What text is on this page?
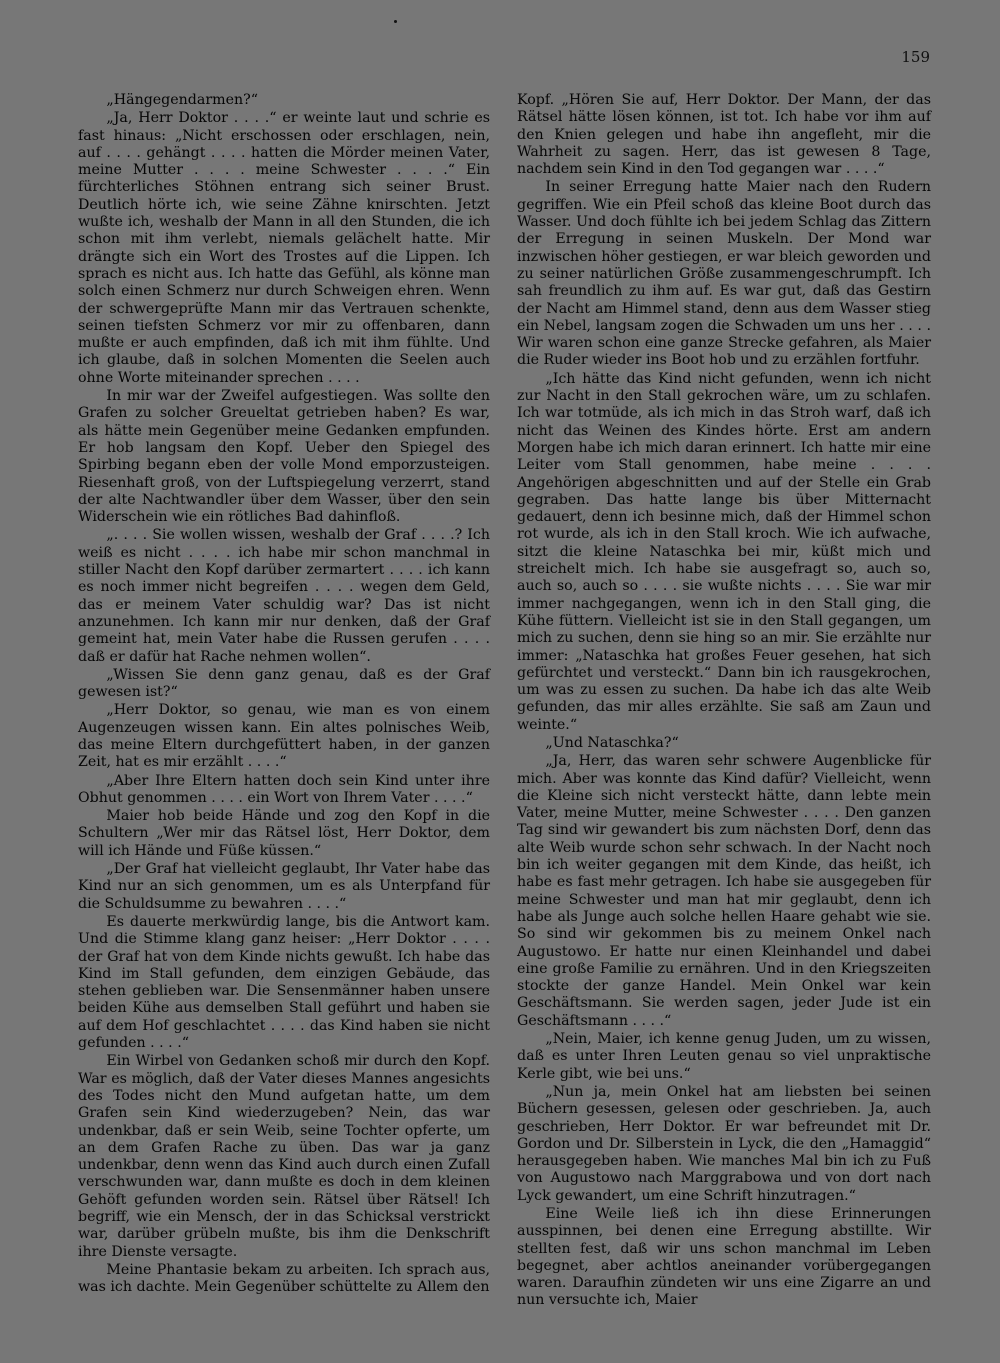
159

„Hängegendarmen?“

„Ja, Herr Doktor . . . .“ er weinte laut und schrie es fast hinaus: „Nicht erschossen oder erschlagen, nein, auf . . . . gehängt . . . . hatten die Mörder meinen Vater, meine Mutter . . . . meine Schwester . . . .“ Ein fürchterliches Stöhnen entrang sich seiner Brust. Deutlich hörte ich, wie seine Zähne knirschten. Jetzt wußte ich, weshalb der Mann in all den Stunden, die ich schon mit ihm verlebt, niemals gelächelt hatte. Mir drängte sich ein Wort des Trostes auf die Lippen. Ich sprach es nicht aus. Ich hatte das Gefühl, als könne man solch einen Schmerz nur durch Schweigen ehren. Wenn der schwergeprüfte Mann mir das Vertrauen schenkte, seinen tiefsten Schmerz vor mir zu offenbaren, dann mußte er auch empfinden, daß ich mit ihm fühlte. Und ich glaube, daß in solchen Momenten die Seelen auch ohne Worte miteinander sprechen . . . .

In mir war der Zweifel aufgestiegen. Was sollte den Grafen zu solcher Greueltat getrieben haben? Es war, als hätte mein Gegenüber meine Gedanken empfunden. Er hob langsam den Kopf. Ueber den Spiegel des Spirbing begann eben der volle Mond emporzusteigen. Riesenhaft groß, von der Luftspiegelung verzerrt, stand der alte Nachtwandler über dem Wasser, über den sein Widerschein wie ein rötliches Bad dahinfloß.

„. . . . Sie wollen wissen, weshalb der Graf . . . .? Ich weiß es nicht . . . . ich habe mir schon manchmal in stiller Nacht den Kopf darüber zermartert . . . . ich kann es noch immer nicht begreifen . . . . wegen dem Geld, das er meinem Vater schuldig war? Das ist nicht anzunehmen. Ich kann mir nur denken, daß der Graf gemeint hat, mein Vater habe die Russen gerufen . . . . daß er dafür hat Rache nehmen wollen“.

„Wissen Sie denn ganz genau, daß es der Graf gewesen ist?“

„Herr Doktor, so genau, wie man es von einem Augenzeugen wissen kann. Ein altes polnisches Weib, das meine Eltern durchgefüttert haben, in der ganzen Zeit, hat es mir erzählt . . . .“

„Aber Ihre Eltern hatten doch sein Kind unter ihre Obhut genommen . . . . ein Wort von Ihrem Vater . . . .“

Maier hob beide Hände und zog den Kopf in die Schultern „Wer mir das Rätsel löst, Herr Doktor, dem will ich Hände und Füße küssen.“

„Der Graf hat vielleicht geglaubt, Ihr Vater habe das Kind nur an sich genommen, um es als Unterpfand für die Schuldsumme zu bewahren . . . .“

Es dauerte merkwürdig lange, bis die Antwort kam. Und die Stimme klang ganz heiser: „Herr Doktor . . . . der Graf hat von dem Kinde nichts gewußt. Ich habe das Kind im Stall gefunden, dem einzigen Gebäude, das stehen geblieben war. Die Sensenmänner haben unsere beiden Kühe aus demselben Stall geführt und haben sie auf dem Hof geschlachtet . . . . das Kind haben sie nicht gefunden . . . .“

Ein Wirbel von Gedanken schoß mir durch den Kopf. War es möglich, daß der Vater dieses Mannes angesichts des Todes nicht den Mund aufgetan hatte, um dem Grafen sein Kind wiederzugeben? Nein, das war undenkbar, daß er sein Weib, seine Tochter opferte, um an dem Grafen Rache zu üben. Das war ja ganz undenkbar, denn wenn das Kind auch durch einen Zufall verschwunden war, dann mußte es doch in dem kleinen Gehöft gefunden worden sein. Rätsel über Rätsel! Ich begriff, wie ein Mensch, der in das Schicksal verstrickt war, darüber grübeln mußte, bis ihm die Denkschrift ihre Dienste versagte.

Meine Phantasie bekam zu arbeiten. Ich sprach aus, was ich dachte. Mein Gegenüber schüttelte zu Allem den

Kopf. „Hören Sie auf, Herr Doktor. Der Mann, der das Rätsel hätte lösen können, ist tot. Ich habe vor ihm auf den Knien gelegen und habe ihn angefleht, mir die Wahrheit zu sagen. Herr, das ist gewesen 8 Tage, nachdem sein Kind in den Tod gegangen war . . . .“

In seiner Erregung hatte Maier nach den Rudern gegriffen. Wie ein Pfeil schoß das kleine Boot durch das Wasser. Und doch fühlte ich bei jedem Schlag das Zittern der Erregung in seinen Muskeln. Der Mond war inzwischen höher gestiegen, er war bleich geworden und zu seiner natürlichen Größe zusammengeschrumpft. Ich sah freundlich zu ihm auf. Es war gut, daß das Gestirn der Nacht am Himmel stand, denn aus dem Wasser stieg ein Nebel, langsam zogen die Schwaden um uns her . . . . Wir waren schon eine ganze Strecke gefahren, als Maier die Ruder wieder ins Boot hob und zu erzählen fortfuhr.

„Ich hätte das Kind nicht gefunden, wenn ich nicht zur Nacht in den Stall gekrochen wäre, um zu schlafen. Ich war totmüde, als ich mich in das Stroh warf, daß ich nicht das Weinen des Kindes hörte. Erst am andern Morgen habe ich mich daran erinnert. Ich hatte mir eine Leiter vom Stall genommen, habe meine . . . . Angehörigen abgeschnitten und auf der Stelle ein Grab gegraben. Das hatte lange bis über Mitternacht gedauert, denn ich besinne mich, daß der Himmel schon rot wurde, als ich in den Stall kroch. Wie ich aufwache, sitzt die kleine Nataschka bei mir, küßt mich und streichelt mich. Ich habe sie ausgefragt so, auch so, auch so, auch so . . . . sie wußte nichts . . . . Sie war mir immer nachgegangen, wenn ich in den Stall ging, die Kühe füttern. Vielleicht ist sie in den Stall gegangen, um mich zu suchen, denn sie hing so an mir. Sie erzählte nur immer: „Nataschka hat großes Feuer gesehen, hat sich gefürchtet und versteckt.“ Dann bin ich rausgekrochen, um was zu essen zu suchen. Da habe ich das alte Weib gefunden, das mir alles erzählte. Sie saß am Zaun und weinte.“

„Und Nataschka?“

„Ja, Herr, das waren sehr schwere Augenblicke für mich. Aber was konnte das Kind dafür? Vielleicht, wenn die Kleine sich nicht versteckt hätte, dann lebte mein Vater, meine Mutter, meine Schwester . . . . Den ganzen Tag sind wir gewandert bis zum nächsten Dorf, denn das alte Weib wurde schon sehr schwach. In der Nacht noch bin ich weiter gegangen mit dem Kinde, das heißt, ich habe es fast mehr getragen. Ich habe sie ausgegeben für meine Schwester und man hat mir geglaubt, denn ich habe als Junge auch solche hellen Haare gehabt wie sie. So sind wir gekommen bis zu meinem Onkel nach Augustowo. Er hatte nur einen Kleinhandel und dabei eine große Familie zu ernähren. Und in den Kriegszeiten stockte der ganze Handel. Mein Onkel war kein Geschäftsmann. Sie werden sagen, jeder Jude ist ein Geschäftsmann . . . .“

„Nein, Maier, ich kenne genug Juden, um zu wissen, daß es unter Ihren Leuten genau so viel unpraktische Kerle gibt, wie bei uns.“

„Nun ja, mein Onkel hat am liebsten bei seinen Büchern gesessen, gelesen oder geschrieben. Ja, auch geschrieben, Herr Doktor. Er war befreundet mit Dr. Gordon und Dr. Silberstein in Lyck, die den „Hamaggid“ herausgegeben haben. Wie manches Mal bin ich zu Fuß von Augustowo nach Marggrabowa und von dort nach Lyck gewandert, um eine Schrift hinzutragen.“

Eine Weile ließ ich ihn diese Erinnerungen ausspinnen, bei denen eine Erregung abstillte. Wir stellten fest, daß wir uns schon manchmal im Leben begegnet, aber achtlos aneinander vorübergegangen waren. Daraufhin zündeten wir uns eine Zigarre an und nun versuchte ich, Maier
